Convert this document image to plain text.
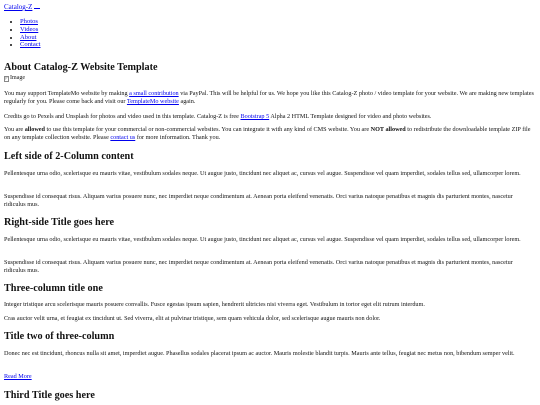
Catalog-Z
• Photos
• Videos
• About
• Contact
About Catalog-Z Website Template
Image

You may support TemplateMo website by making a small contribution via PayPal. This will be helpful for us. We hope you like this Catalog-Z photo / video template for your website. We are making new templates regularly for you. Please come back and visit our TemplateMo website again.

Credits go to Pexels and Unsplash for photos and video used in this template. Catalog-Z is free Bootstrap 5 Alpha 2 HTML Template designed for video and photo websites.

You are allowed to use this template for your commercial or non-commercial websites. You can integrate it with any kind of CMS website. You are NOT allowed to redistribute the downloadable template ZIP file on any template collection website. Please contact us for more information. Thank you.

Left side of 2-Column content

Pellentesque urna odio, scelerisque eu mauris vitae, vestibulum sodales neque. Ut augue justo, tincidunt nec aliquet ac, cursus vel augue. Suspendisse vel quam imperdiet, sodales tellus sed, ullamcorper lorem.

Suspendisse id consequat risus. Aliquam varius posuere nunc, nec imperdiet neque condimentum at. Aenean porta eleifend venenatis. Orci varius natoque penatibus et magnis dis parturient montes, nascetur ridiculus mus.

Right-side Title goes here

Pellentesque urna odio, scelerisque eu mauris vitae, vestibulum sodales neque. Ut augue justo, tincidunt nec aliquet ac, cursus vel augue. Suspendisse vel quam imperdiet, sodales tellus sed, ullamcorper lorem.

Suspendisse id consequat risus. Aliquam varius posuere nunc, nec imperdiet neque condimentum at. Aenean porta eleifend venenatis. Orci varius natoque penatibus et magnis dis parturient montes, nascetur ridiculus mus.

Three-column title one

Integer tristique arcu scelerisque mauris posuere convallis. Fusce egestas ipsum sapien, hendrerit ultricies nisi viverra eget. Vestibulum in tortor eget elit rutrum interdum.

Cras auctor velit urna, et feugiat ex tincidunt ut. Sed viverra, elit at pulvinar tristique, sem quam vehicula dolor, sed scelerisque augue mauris non dolor.

Title two of three-column

Donec nec est tincidunt, rhoncus nulla sit amet, imperdiet augue. Phasellus sodales placerat ipsum ac auctor. Mauris molestie blandit turpis. Mauris ante tellus, feugiat nec metus non, bibendum semper velit.

Read More

Third Title goes here
